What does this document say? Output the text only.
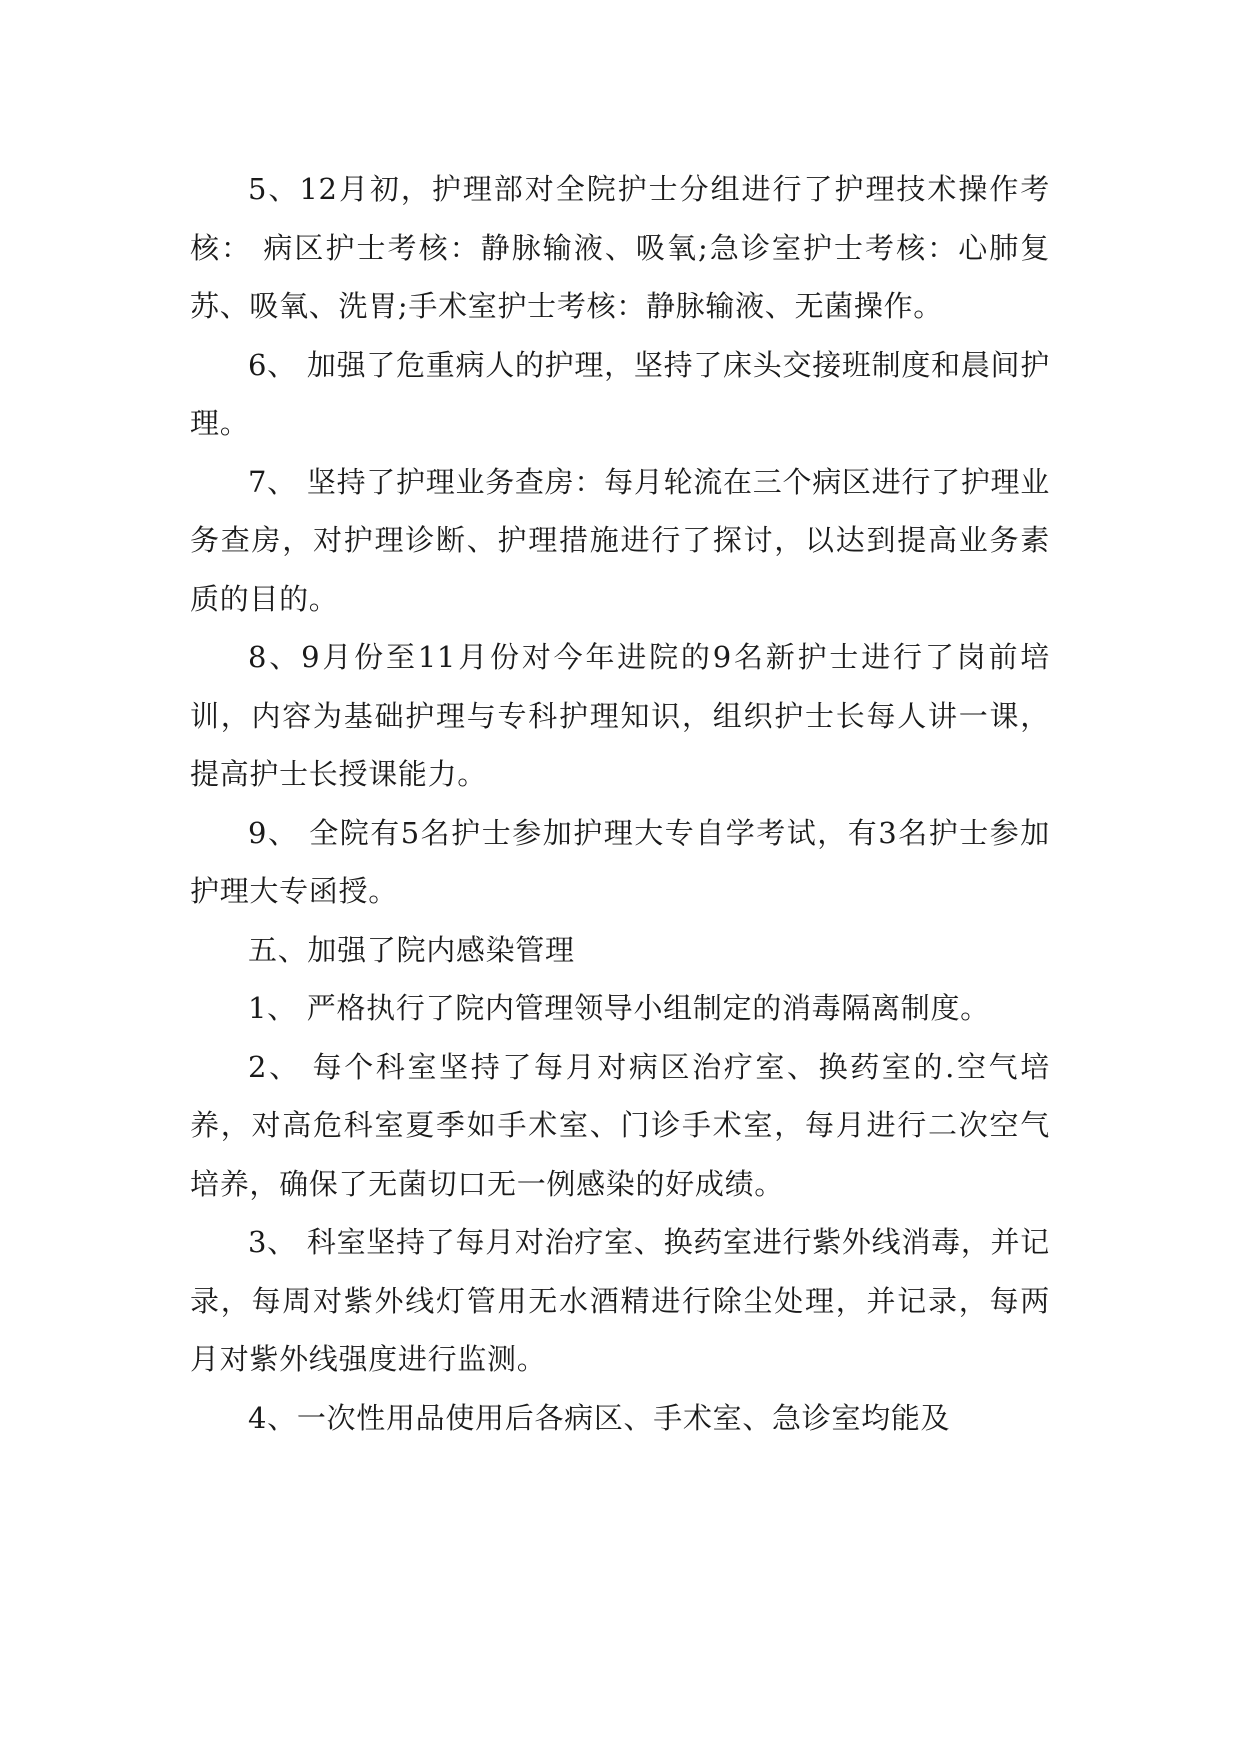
5、12月初，护理部对全院护士分组进行了护理技术操作考核： 病区护士考核：静脉输液、吸氧;急诊室护士考核：心肺复苏、吸氧、洗胃;手术室护士考核：静脉输液、无菌操作。

6、 加强了危重病人的护理，坚持了床头交接班制度和晨间护理。

7、 坚持了护理业务查房：每月轮流在三个病区进行了护理业务查房，对护理诊断、护理措施进行了探讨，以达到提高业务素质的目的。

8、9月份至11月份对今年进院的9名新护士进行了岗前培训，内容为基础护理与专科护理知识，组织护士长每人讲一课，提高护士长授课能力。

9、 全院有5名护士参加护理大专自学考试，有3名护士参加护理大专函授。

五、加强了院内感染管理

1、 严格执行了院内管理领导小组制定的消毒隔离制度。

2、 每个科室坚持了每月对病区治疗室、换药室的.空气培养，对高危科室夏季如手术室、门诊手术室，每月进行二次空气培养，确保了无菌切口无一例感染的好成绩。

3、 科室坚持了每月对治疗室、换药室进行紫外线消毒，并记录，每周对紫外线灯管用无水酒精进行除尘处理，并记录，每两月对紫外线强度进行监测。

4、一次性用品使用后各病区、手术室、急诊室均能及
